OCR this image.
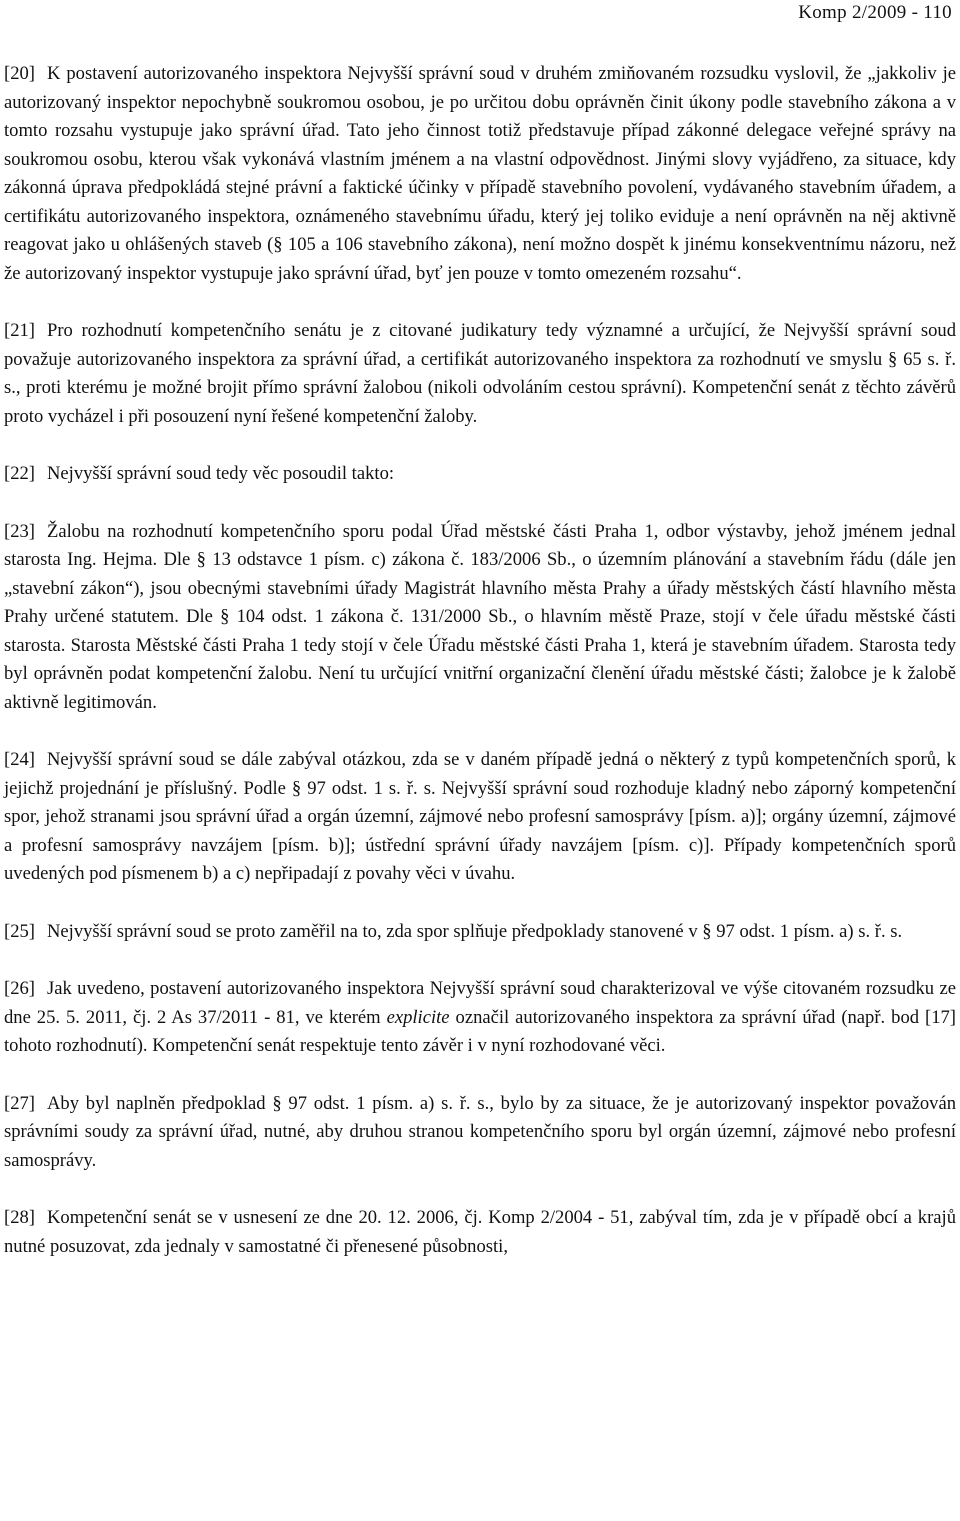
Komp 2/2009 - 110

[20] K postavení autorizovaného inspektora Nejvyšší správní soud v druhém zmiňovaném rozsudku vyslovil, že „jakkoliv je autorizovaný inspektor nepochybně soukromou osobou, je po určitou dobu oprávněn činit úkony podle stavebního zákona a v tomto rozsahu vystupuje jako správní úřad. Tato jeho činnost totiž představuje případ zákonné delegace veřejné správy na soukromou osobu, kterou však vykonává vlastním jménem a na vlastní odpovědnost. Jinými slovy vyjádřeno, za situace, kdy zákonná úprava předpokládá stejné právní a faktické účinky v případě stavebního povolení, vydávaného stavebním úřadem, a certifikátu autorizovaného inspektora, oznámeného stavebnímu úřadu, který jej toliko eviduje a není oprávněn na něj aktivně reagovat jako u ohlášených staveb (§ 105 a 106 stavebního zákona), není možno dospět k jinému konsekventnímu názoru, než že autorizovaný inspektor vystupuje jako správní úřad, byť jen pouze v tomto omezeném rozsahu“.

[21] Pro rozhodnutí kompetenčního senátu je z citované judikatury tedy významné a určující, že Nejvyšší správní soud považuje autorizovaného inspektora za správní úřad, a certifikát autorizovaného inspektora za rozhodnutí ve smyslu § 65 s. ř. s., proti kterému je možné brojit přímo správní žalobou (nikoli odvoláním cestou správní). Kompetenční senát z těchto závěrů proto vycházel i při posouzení nyní řešené kompetenční žaloby.

[22] Nejvyšší správní soud tedy věc posoudil takto:

[23] Žalobu na rozhodnutí kompetenčního sporu podal Úřad městské části Praha 1, odbor výstavby, jehož jménem jednal starosta Ing. Hejma. Dle § 13 odstavce 1 písm. c) zákona č. 183/2006 Sb., o územním plánování a stavebním řádu (dále jen „stavební zákon“), jsou obecnými stavebními úřady Magistrát hlavního města Prahy a úřady městských částí hlavního města Prahy určené statutem. Dle § 104 odst. 1 zákona č. 131/2000 Sb., o hlavním městě Praze, stojí v čele úřadu městské části starosta. Starosta Městské části Praha 1 tedy stojí v čele Úřadu městské části Praha 1, která je stavebním úřadem. Starosta tedy byl oprávněn podat kompetenční žalobu. Není tu určující vnitřní organizační členění úřadu městské části; žalobce je k žalobě aktivně legitimován.

[24] Nejvyšší správní soud se dále zabýval otázkou, zda se v daném případě jedná o některý z typů kompetenčních sporů, k jejichž projednání je příslušný. Podle § 97 odst. 1 s. ř. s. Nejvyšší správní soud rozhoduje kladný nebo záporný kompetenční spor, jehož stranami jsou správní úřad a orgán územní, zájmové nebo profesní samosprávy [písm. a)]; orgány územní, zájmové a profesní samosprávy navzájem [písm. b)]; ústřední správní úřady navzájem [písm. c)]. Případy kompetenčních sporů uvedených pod písmenem b) a c) nepřipadají z povahy věci v úvahu.

[25] Nejvyšší správní soud se proto zaměřil na to, zda spor splňuje předpoklady stanovené v § 97 odst. 1 písm. a) s. ř. s.

[26] Jak uvedeno, postavení autorizovaného inspektora Nejvyšší správní soud charakterizoval ve výše citovaném rozsudku ze dne 25. 5. 2011, čj. 2 As 37/2011 - 81, ve kterém explicite označil autorizovaného inspektora za správní úřad (např. bod [17] tohoto rozhodnutí). Kompetenční senát respektuje tento závěr i v nyní rozhodované věci.

[27] Aby byl naplněn předpoklad § 97 odst. 1 písm. a) s. ř. s., bylo by za situace, že je autorizovaný inspektor považován správními soudy za správní úřad, nutné, aby druhou stranou kompetenčního sporu byl orgán územní, zájmové nebo profesní samosprávy.

[28] Kompetenční senát se v usnesení ze dne 20. 12. 2006, čj. Komp 2/2004 - 51, zabýval tím, zda je v případě obcí a krajů nutné posuzovat, zda jednaly v samostatné či přenesené působnosti,
